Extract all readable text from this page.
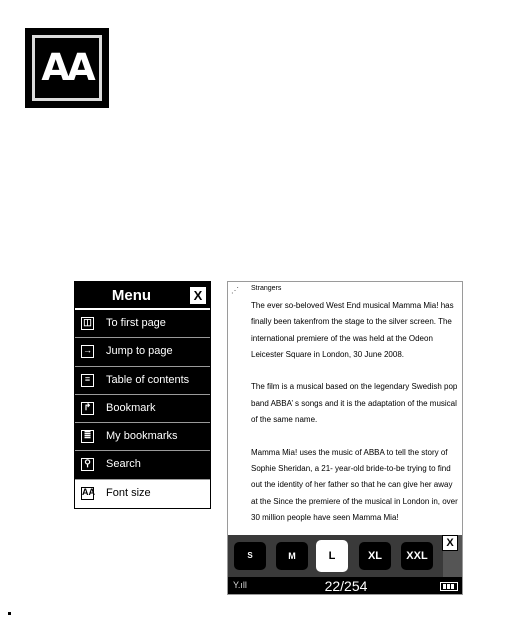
AA
Menu	X
◫ To first page
→ Jump to page
≡ Table of contents
↱ Bookmark
≣ My bookmarks
⚲ Search
AA Font size
⋰ Strangers

The ever so-beloved West End musical Mamma Mia! has finally been takenfrom the stage to the silver screen. The international premiere of the was held at the Odeon Leicester Square in London, 30 June 2008.

The film is a musical based on the legendary Swedish pop band ABBA’ s songs and it is the adaptation of the musical of the same name.

Mamma Mia! uses the music of ABBA to tell the story of Sophie Sheridan, a 21- year-old bride-to-be trying to find out the identity of her father so that he can give her away at the Since the premiere of the musical in London in, over 30 million people have seen Mamma Mia!

S	M	L	XL	XXL
X
Y.ıll	22/254
